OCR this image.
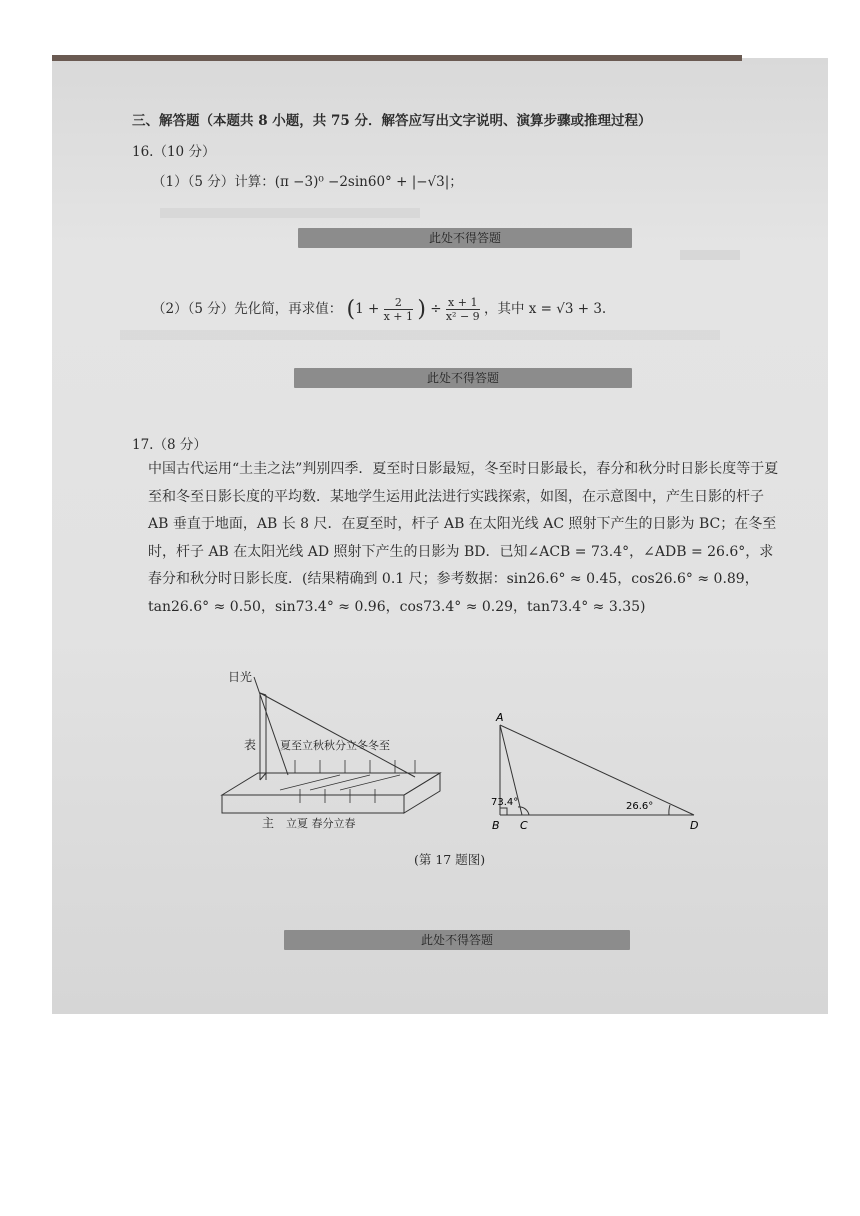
三、解答题（本题共 8 小题，共 75 分．解答应写出文字说明、演算步骤或推理过程）
16.（10 分）
（1）（5 分）计算：(π −3)⁰ −2sin60° + |−√3|；
此处不得答题
（2）（5 分）先化简，再求值： ($1 + \frac{2}{x + 1}$ ) ÷ $\frac{x + 1}{\text{x² − 9}}$ ，其中 x = √3 + 3.
此处不得答题
17.（8 分）
中国古代运用“土圭之法”判别四季．夏至时日影最短，冬至时日影最长，春分和秋分时日影长度等于夏至和冬至日影长度的平均数．某地学生运用此法进行实践探索，如图，在示意图中，产生日影的杆子 AB 垂直于地面，AB 长 8 尺．在夏至时，杆子 AB 在太阳光线 AC 照射下产生的日影为 BC；在冬至时，杆子 AB 在太阳光线 AD 照射下产生的日影为 BD．已知∠ACB = 73.4°，∠ADB = 26.6°，求春分和秋分时日影长度．(结果精确到 0.1 尺；参考数据：sin26.6° ≈ 0.45，cos26.6° ≈ 0.89，tan26.6° ≈ 0.50，sin73.4° ≈ 0.96，cos73.4° ≈ 0.29，tan73.4° ≈ 3.35)
日光
表 夏至立秋秋分立冬冬至
主 立夏 春分立春
A
B C	D
73.4°	26.6°
(第 17 题图)
此处不得答题
